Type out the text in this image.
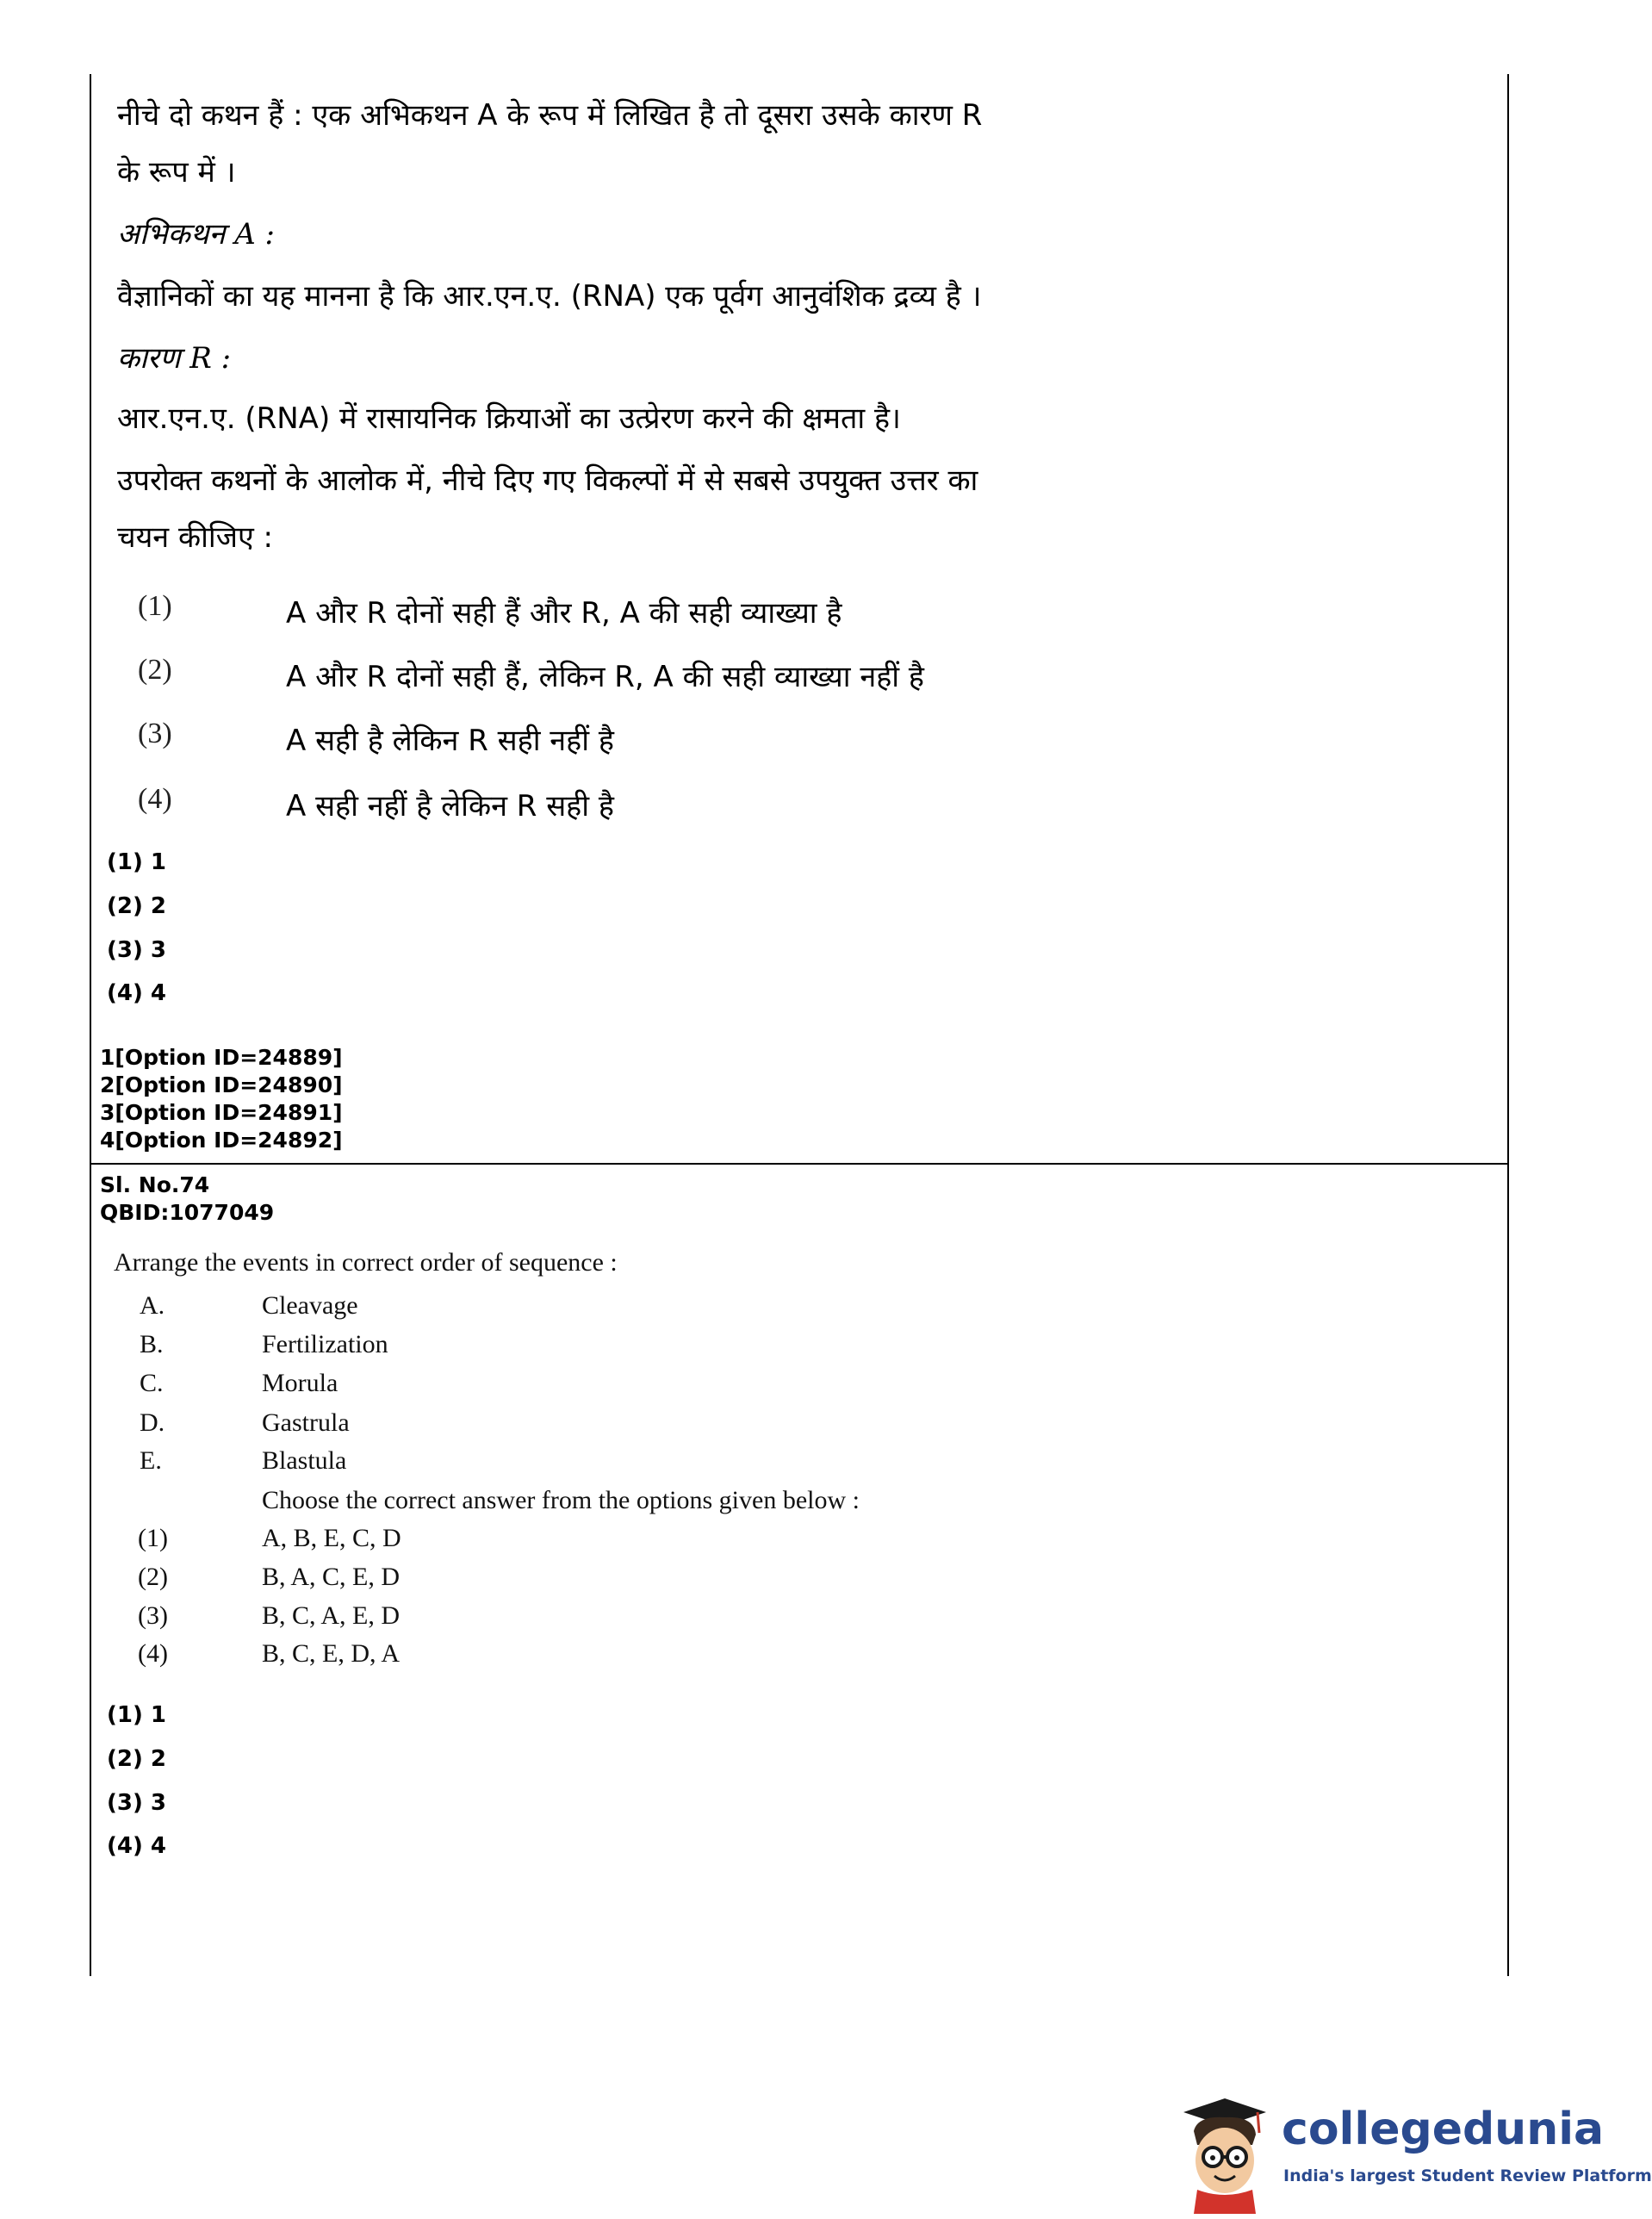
नीचे दो कथन हैं : एक अभिकथन A के रूप में लिखित है तो दूसरा उसके कारण R
के रूप में ।
अभिकथन A :
वैज्ञानिकों का यह मानना है कि आर.एन.ए. (RNA) एक पूर्वग आनुवंशिक द्रव्य है ।
कारण R :
आर.एन.ए. (RNA) में रासायनिक क्रियाओं का उत्प्रेरण करने की क्षमता है।
उपरोक्त कथनों के आलोक में, नीचे दिए गए विकल्पों में से सबसे उपयुक्त उत्तर का
चयन कीजिए :
(1)	A और R दोनों सही हैं और R, A की सही व्याख्या है
(2)	A और R दोनों सही हैं, लेकिन R, A की सही व्याख्या नहीं है
(3)	A सही है लेकिन R सही नहीं है
(4)	A सही नहीं है लेकिन R सही है
(1) 1
(2) 2
(3) 3
(4) 4
1[Option ID=24889]
2[Option ID=24890]
3[Option ID=24891]
4[Option ID=24892]
Sl. No.74
QBID:1077049
Arrange the events in correct order of sequence :
A.	Cleavage
B.	Fertilization
C.	Morula
D.	Gastrula
E.	Blastula
Choose the correct answer from the options given below :
(1)	A, B, E, C, D
(2)	B, A, C, E, D
(3)	B, C, A, E, D
(4)	B, C, E, D, A
(1) 1
(2) 2
(3) 3
(4) 4
collegedunia
India's largest Student Review Platform
